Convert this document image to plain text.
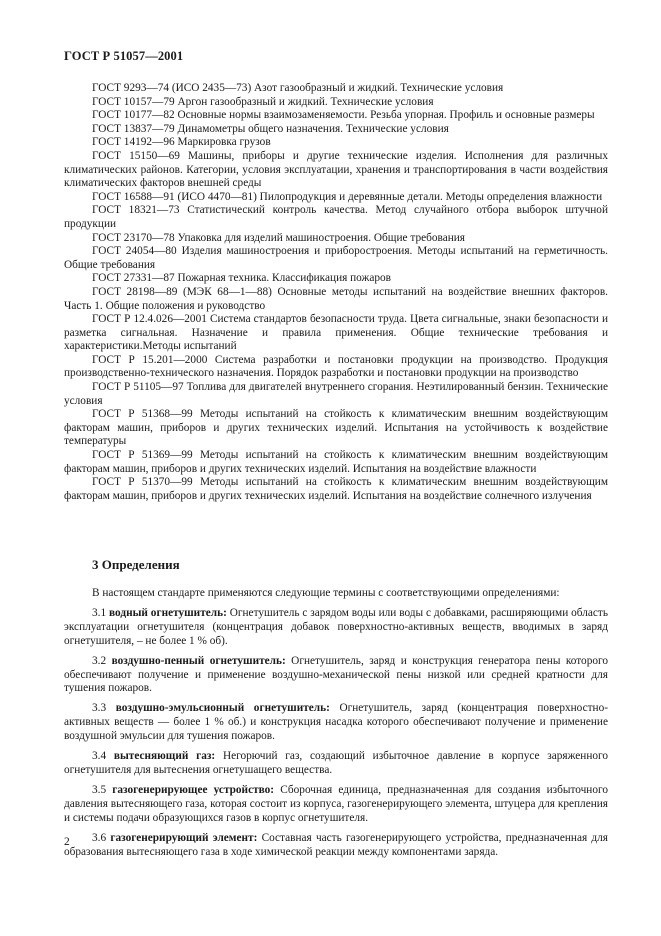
ГОСТ Р 51057—2001

ГОСТ 9293—74 (ИСО 2435—73) Азот газообразный и жидкий. Технические условия

ГОСТ 10157—79 Аргон газообразный и жидкий. Технические условия

ГОСТ 10177—82 Основные нормы взаимозаменяемости. Резьба упорная. Профиль и основные размеры

ГОСТ 13837—79 Динамометры общего назначения. Технические условия

ГОСТ 14192—96 Маркировка грузов

ГОСТ 15150—69 Машины, приборы и другие технические изделия. Исполнения для различных климатических районов. Категории, условия эксплуатации, хранения и транспортирования в части воздействия климатических факторов внешней среды

ГОСТ 16588—91 (ИСО 4470—81) Пилопродукция и деревянные детали. Методы определения влажности

ГОСТ 18321—73 Статистический контроль качества. Метод случайного отбора выборок штучной продукции

ГОСТ 23170—78 Упаковка для изделий машиностроения. Общие требования

ГОСТ 24054—80 Изделия машиностроения и приборостроения. Методы испытаний на герметичность. Общие требования

ГОСТ 27331—87 Пожарная техника. Классификация пожаров

ГОСТ 28198—89 (МЭК 68—1—88) Основные методы испытаний на воздействие внешних факторов. Часть 1. Общие положения и руководство

ГОСТ Р 12.4.026—2001 Система стандартов безопасности труда. Цвета сигнальные, знаки безопасности и разметка сигнальная. Назначение и правила применения. Общие технические требования и характеристики.Методы испытаний

ГОСТ Р 15.201—2000 Система разработки и постановки продукции на производство. Продукция производственно-технического назначения. Порядок разработки и постановки продукции на производство

ГОСТ Р 51105—97 Топлива для двигателей внутреннего сгорания. Неэтилированный бензин. Технические условия

ГОСТ Р 51368—99 Методы испытаний на стойкость к климатическим внешним воздействующим факторам машин, приборов и других технических изделий. Испытания на устойчивость к воздействие температуры

ГОСТ Р 51369—99 Методы испытаний на стойкость к климатическим внешним воздействующим факторам машин, приборов и других технических изделий. Испытания на воздействие влажности

ГОСТ Р 51370—99 Методы испытаний на стойкость к климатическим внешним воздействующим факторам машин, приборов и других технических изделий. Испытания на воздействие солнечного излучения

3 Определения

В настоящем стандарте применяются следующие термины с соответствующими определениями:

3.1 водный огнетушитель: Огнетушитель с зарядом воды или воды с добавками, расширяющими область эксплуатации огнетушителя (концентрация добавок поверхностно-активных веществ, вводимых в заряд огнетушителя, – не более 1 % об).

3.2 воздушно-пенный огнетушитель: Огнетушитель, заряд и конструкция генератора пены которого обеспечивают получение и применение воздушно-механической пены низкой или средней кратности для тушения пожаров.

3.3 воздушно-эмульсионный огнетушитель: Огнетушитель, заряд (концентрация поверхностно-активных веществ — более 1 % об.) и конструкция насадка которого обеспечивают получение и применение воздушной эмульсии для тушения пожаров.

3.4 вытесняющий газ: Негорючий газ, создающий избыточное давление в корпусе заряженного огнетушителя для вытеснения огнетушащего вещества.

3.5 газогенерирующее устройство: Сборочная единица, предназначенная для создания избыточного давления вытесняющего газа, которая состоит из корпуса, газогенерирующего элемента, штуцера для крепления и системы подачи образующихся газов в корпус огнетушителя.

3.6 газогенерирующий элемент: Составная часть газогенерирующего устройства, предназначенная для образования вытесняющего газа в ходе химической реакции между компонентами заряда.

2
